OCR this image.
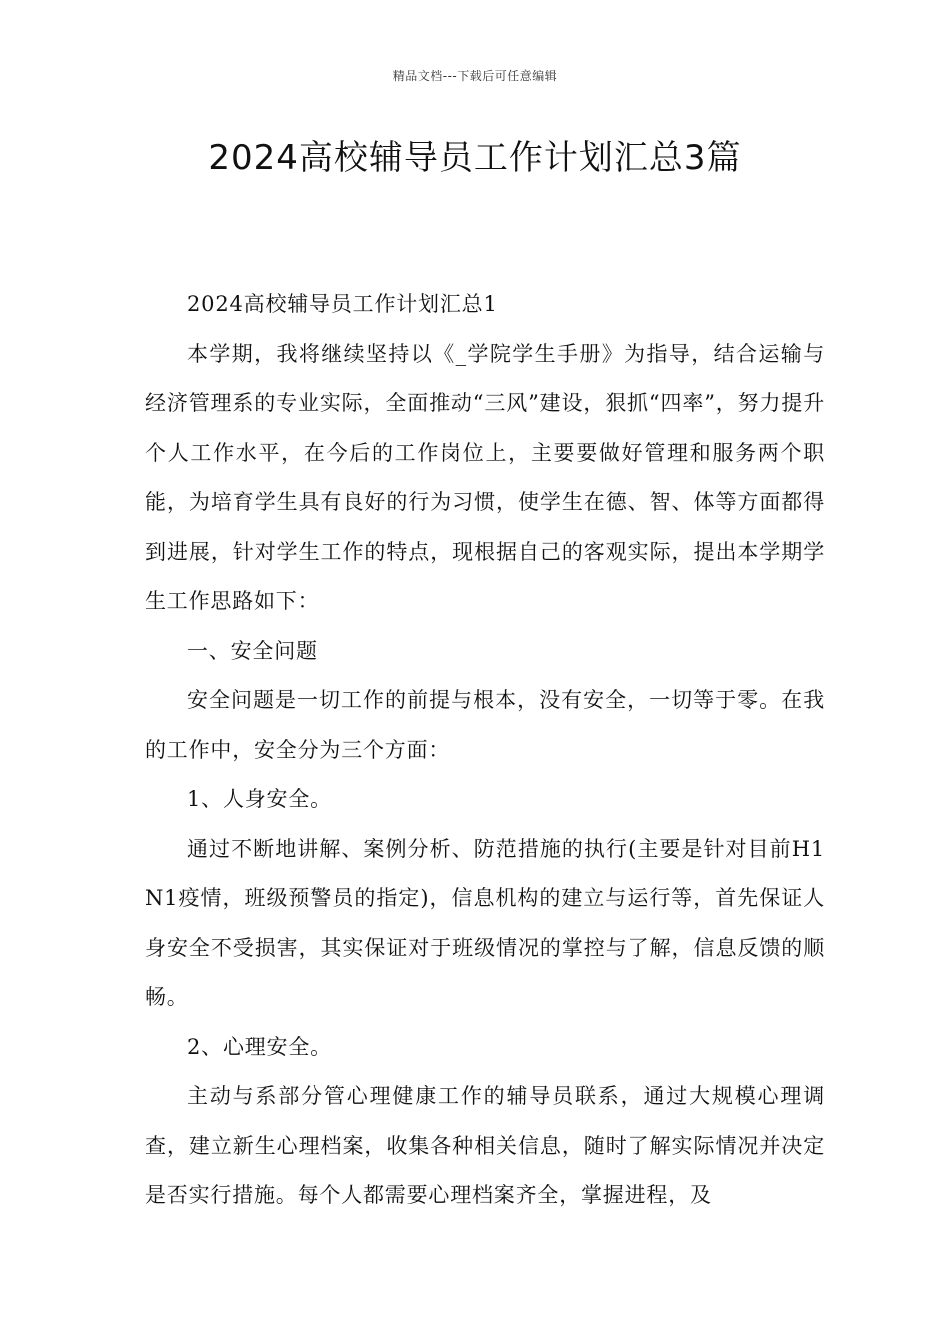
精品文档---下载后可任意编辑
2024高校辅导员工作计划汇总3篇

2024高校辅导员工作计划汇总1

本学期，我将继续坚持以《_学院学生手册》为指导，结合运输与经济管理系的专业实际，全面推动“三风”建设，狠抓“四率”，努力提升个人工作水平，在今后的工作岗位上，主要要做好管理和服务两个职能，为培育学生具有良好的行为习惯，使学生在德、智、体等方面都得到进展，针对学生工作的特点，现根据自己的客观实际，提出本学期学生工作思路如下：

一、安全问题

安全问题是一切工作的前提与根本，没有安全，一切等于零。在我的工作中，安全分为三个方面：

1、人身安全。

通过不断地讲解、案例分析、防范措施的执行(主要是针对目前H1N1疫情，班级预警员的指定)，信息机构的建立与运行等，首先保证人身安全不受损害，其实保证对于班级情况的掌控与了解，信息反馈的顺畅。

2、心理安全。

主动与系部分管心理健康工作的辅导员联系，通过大规模心理调查，建立新生心理档案，收集各种相关信息，随时了解实际情况并决定是否实行措施。每个人都需要心理档案齐全，掌握进程，及
